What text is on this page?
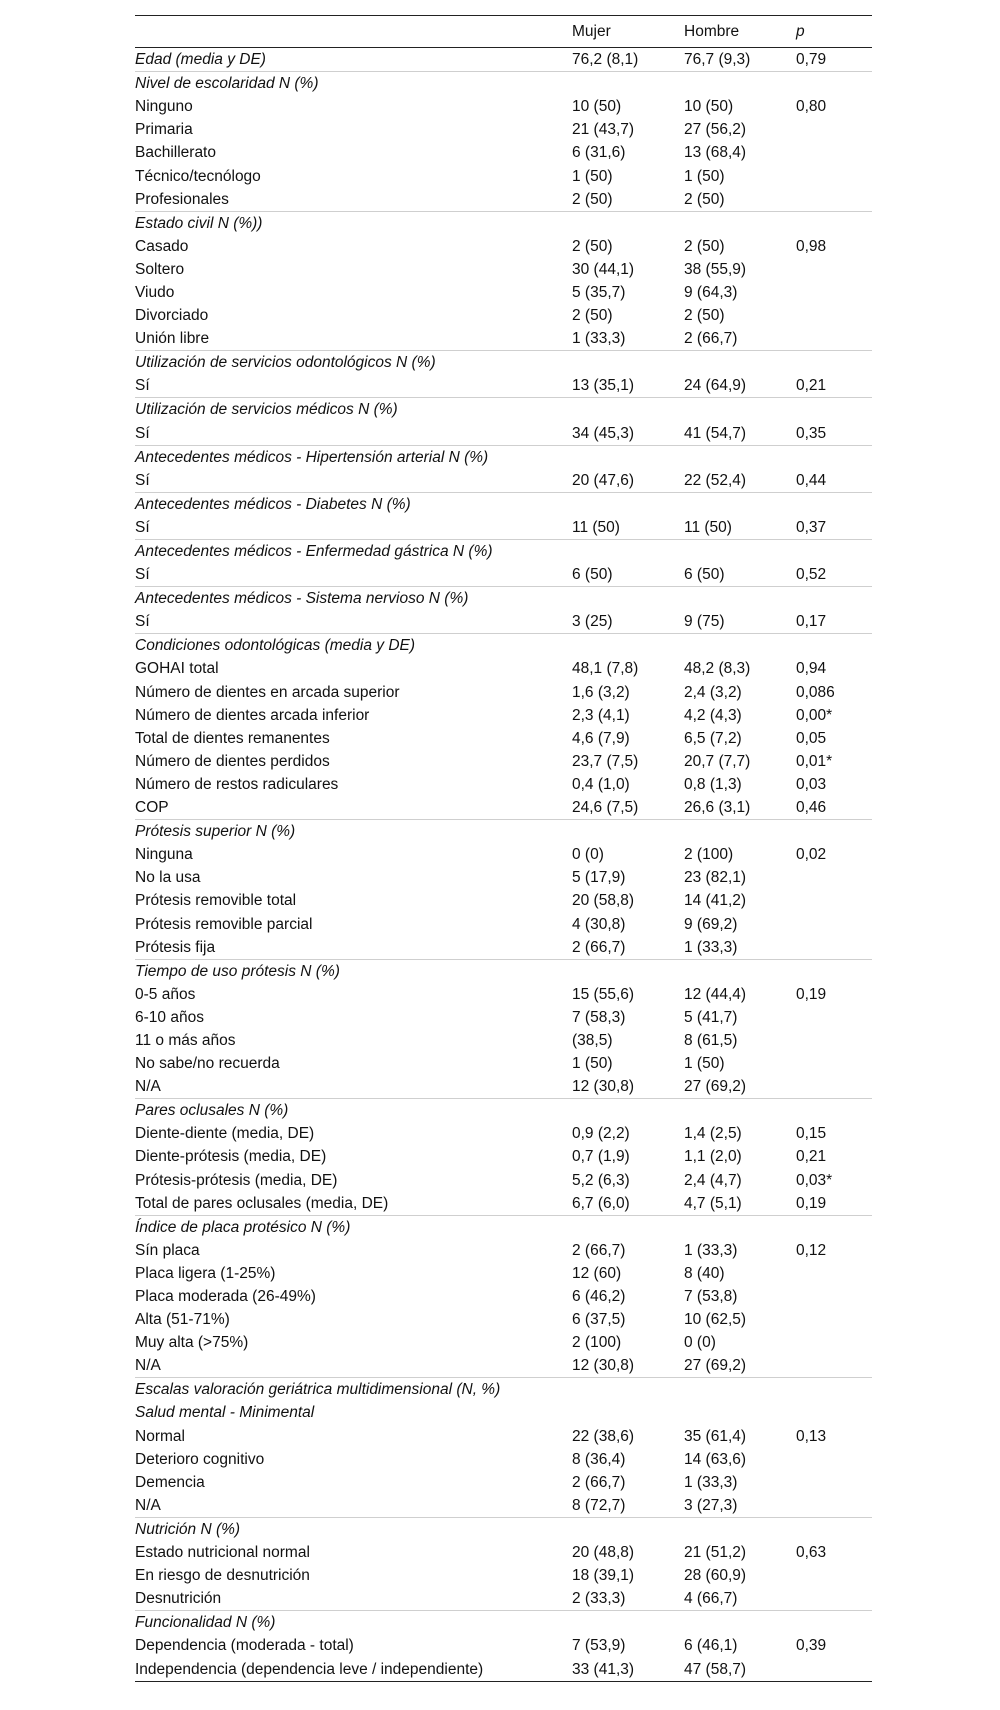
	Mujer	Hombre	p
Edad (media y DE)	76,2 (8,1)	76,7 (9,3)	0,79
Nivel de escolaridad N (%)			
Ninguno	10 (50)	10 (50)	0,80
Primaria	21 (43,7)	27 (56,2)	
Bachillerato	6 (31,6)	13 (68,4)	
Técnico/tecnólogo	1 (50)	1 (50)	
Profesionales	2 (50)	2 (50)	
Estado civil N (%))			
Casado	2 (50)	2 (50)	0,98
Soltero	30 (44,1)	38 (55,9)	
Viudo	5 (35,7)	9 (64,3)	
Divorciado	2 (50)	2 (50)	
Unión libre	1 (33,3)	2 (66,7)	
Utilización de servicios odontológicos N (%)			
Sí	13 (35,1)	24 (64,9)	0,21
Utilización de servicios médicos N (%)			
Sí	34 (45,3)	41 (54,7)	0,35
Antecedentes médicos - Hipertensión arterial N (%)			
Sí	20 (47,6)	22 (52,4)	0,44
Antecedentes médicos - Diabetes N (%)			
Sí	11 (50)	11 (50)	0,37
Antecedentes médicos - Enfermedad gástrica N (%)			
Sí	6 (50)	6 (50)	0,52
Antecedentes médicos - Sistema nervioso N (%)			
Sí	3 (25)	9 (75)	0,17
Condiciones odontológicas (media y DE)			
GOHAI total	48,1 (7,8)	48,2 (8,3)	0,94
Número de dientes en arcada superior	1,6 (3,2)	2,4 (3,2)	0,086
Número de dientes arcada inferior	2,3 (4,1)	4,2 (4,3)	0,00*
Total de dientes remanentes	4,6 (7,9)	6,5 (7,2)	0,05
Número de dientes perdidos	23,7 (7,5)	20,7 (7,7)	0,01*
Número de restos radiculares	0,4 (1,0)	0,8 (1,3)	0,03
COP	24,6 (7,5)	26,6 (3,1)	0,46
Prótesis superior N (%)			
Ninguna	0 (0)	2 (100)	0,02
No la usa	5 (17,9)	23 (82,1)	
Prótesis removible total	20 (58,8)	14 (41,2)	
Prótesis removible parcial	4 (30,8)	9 (69,2)	
Prótesis fija	2 (66,7)	1 (33,3)	
Tiempo de uso prótesis N (%)			
0-5 años	15 (55,6)	12 (44,4)	0,19
6-10 años	7 (58,3)	5 (41,7)	
11 o más años	(38,5)	8 (61,5)	
No sabe/no recuerda	1 (50)	1 (50)	
N/A	12 (30,8)	27 (69,2)	
Pares oclusales N (%)			
Diente-diente (media, DE)	0,9 (2,2)	1,4 (2,5)	0,15
Diente-prótesis (media, DE)	0,7 (1,9)	1,1 (2,0)	0,21
Prótesis-prótesis (media, DE)	5,2 (6,3)	2,4 (4,7)	0,03*
Total de pares oclusales (media, DE)	6,7 (6,0)	4,7 (5,1)	0,19
Índice de placa protésico N (%)			
Sín placa	2 (66,7)	1 (33,3)	0,12
Placa ligera (1-25%)	12 (60)	8 (40)	
Placa moderada (26-49%)	6 (46,2)	7 (53,8)	
Alta (51-71%)	6 (37,5)	10 (62,5)	
Muy alta (>75%)	2 (100)	0 (0)	
N/A	12 (30,8)	27 (69,2)	
Escalas valoración geriátrica multidimensional (N, %)			
Salud mental - Minimental			
Normal	22 (38,6)	35 (61,4)	0,13
Deterioro cognitivo	8 (36,4)	14 (63,6)	
Demencia	2 (66,7)	1 (33,3)	
N/A	8 (72,7)	3 (27,3)	
Nutrición N (%)			
Estado nutricional normal	20 (48,8)	21 (51,2)	0,63
En riesgo de desnutrición	18 (39,1)	28 (60,9)	
Desnutrición	2 (33,3)	4 (66,7)	
Funcionalidad N (%)			
Dependencia (moderada - total)	7 (53,9)	6 (46,1)	0,39
Independencia (dependencia leve / independiente)	33 (41,3)	47 (58,7)	
